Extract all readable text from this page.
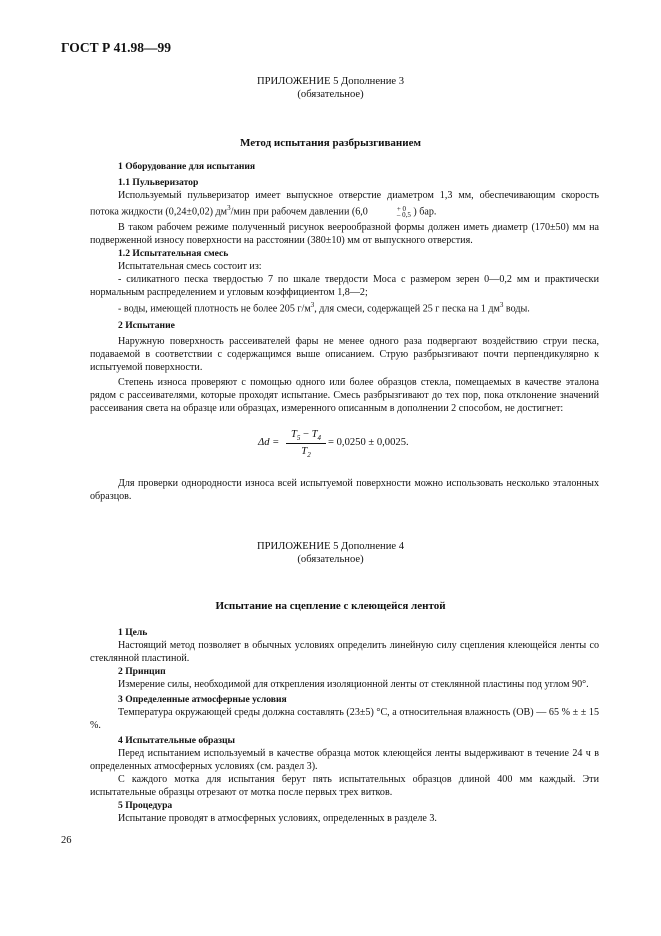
ГОСТ Р 41.98—99
ПРИЛОЖЕНИЕ 5 Дополнение 3
(обязательное)
Метод испытания разбрызгиванием
1 Оборудование для испытания
1.1 Пульверизатор
Используемый пульверизатор имеет выпускное отверстие диаметром 1,3 мм, обеспечивающим скорость потока жидкости (0,24±0,02) $дм^3$/мин при рабочем давлении (6,0	+ 0
– 0,5 ) бар.
В таком рабочем режиме полученный рисунок веерообразной формы должен иметь диаметр (170±50) мм на подверженной износу поверхности на расстоянии (380±10) мм от выпускного отверстия.
1.2 Испытательная смесь
Испытательная смесь состоит из:
- силикатного песка твердостью 7 по шкале твердости Моса с размером зерен 0—0,2 мм и практически нормальным распределением и угловым коэффициентом 1,8—2;
- воды, имеющей плотность не более 205 $г/м^3$, для смеси, содержащей 25 г песка на 1 $дм^3$ воды.
2 Испытание
Наружную поверхность рассеивателей фары не менее одного раза подвергают воздействию струи песка, подаваемой в соответствии с содержащимся выше описанием. Струю разбрызгивают почти перпендикулярно к испытуемой поверхности.
Степень износа проверяют с помощью одного или более образцов стекла, помещаемых в качестве эталона рядом с рассеивателями, которые проходят испытание. Смесь разбрызгивают до тех пор, пока отклонение значений рассеивания света на образце или образцах, измеренного описанным в дополнении 2 способом, не достигнет:
Δd =
$T_5 - T_4$
$T_2$
= 0,0250 ± 0,0025.
Для проверки однородности износа всей испытуемой поверхности можно использовать несколько эталонных образцов.
ПРИЛОЖЕНИЕ 5 Дополнение 4
(обязательное)
Испытание на сцепление с клеющейся лентой
1 Цель
Настоящий метод позволяет в обычных условиях определить линейную силу сцепления клеющейся ленты со стеклянной пластиной.
2 Принцип
Измерение силы, необходимой для открепления изоляционной ленты от стеклянной пластины под углом 90°.
3 Определенные атмосферные условия
Температура окружающей среды должна составлять (23±5) °С, а относительная влажность (ОВ) — 65 % ± ± 15 %.
4 Испытательные образцы
Перед испытанием используемый в качестве образца моток клеющейся ленты выдерживают в течение 24 ч в определенных атмосферных условиях (см. раздел 3).
С каждого мотка для испытания берут пять испытательных образцов длиной 400 мм каждый. Эти испытательные образцы отрезают от мотка после первых трех витков.
5 Процедура
Испытание проводят в атмосферных условиях, определенных в разделе 3.
26
